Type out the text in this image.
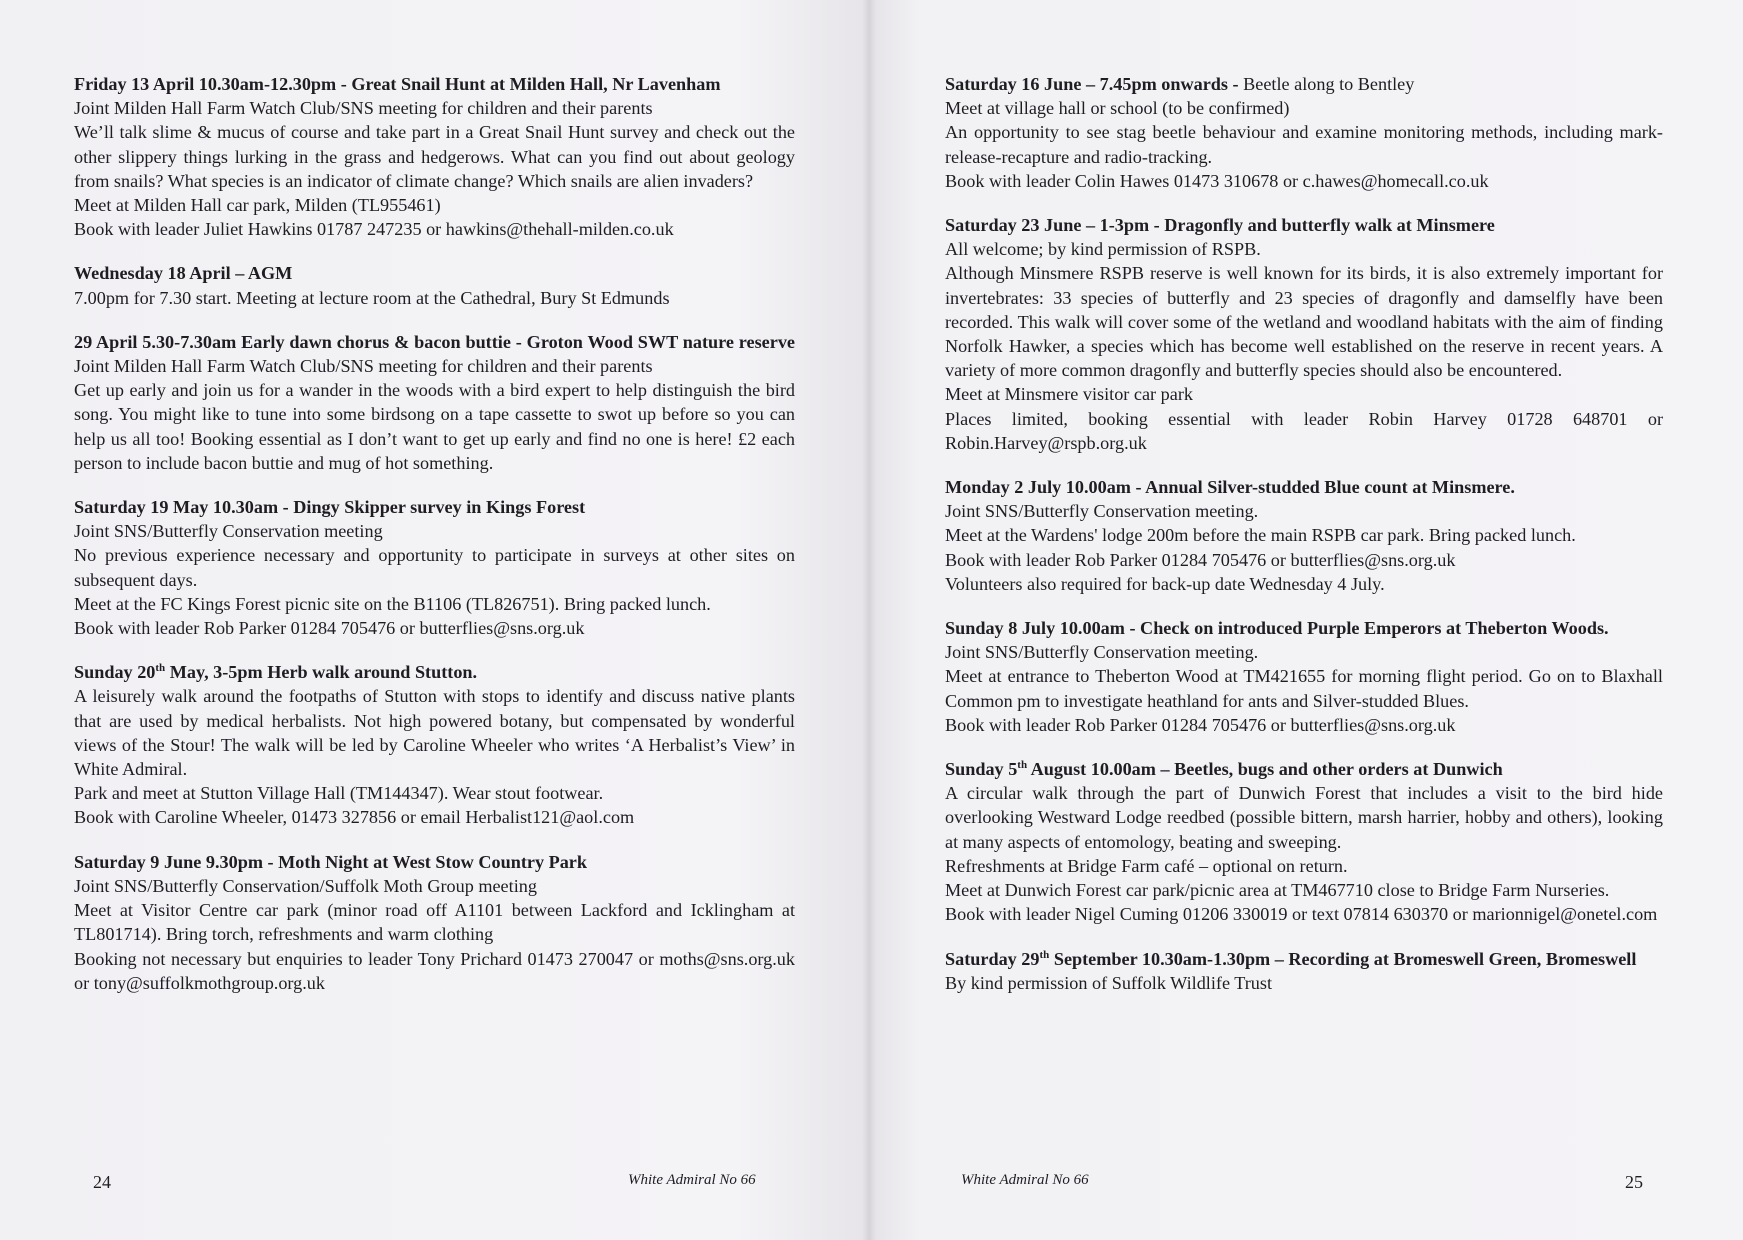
Friday 13 April 10.30am-12.30pm - Great Snail Hunt at Milden Hall, Nr Lavenham

Joint Milden Hall Farm Watch Club/SNS meeting for children and their parents

We’ll talk slime & mucus of course and take part in a Great Snail Hunt survey and check out the other slippery things lurking in the grass and hedgerows. What can you find out about geology from snails? What species is an indicator of climate change? Which snails are alien invaders?

Meet at Milden Hall car park, Milden (TL955461)

Book with leader Juliet Hawkins 01787 247235 or hawkins@thehall-milden.co.uk

Wednesday 18 April – AGM

7.00pm for 7.30 start. Meeting at lecture room at the Cathedral, Bury St Edmunds

29 April 5.30-7.30am Early dawn chorus & bacon buttie - Groton Wood SWT nature reserve Joint Milden Hall Farm Watch Club/SNS meeting for children and their parents

Get up early and join us for a wander in the woods with a bird expert to help distinguish the bird song. You might like to tune into some birdsong on a tape cassette to swot up before so you can help us all too! Booking essential as I don’t want to get up early and find no one is here! £2 each person to include bacon buttie and mug of hot something.

Saturday 19 May 10.30am - Dingy Skipper survey in Kings Forest

Joint SNS/Butterfly Conservation meeting

No previous experience necessary and opportunity to participate in surveys at other sites on subsequent days.

Meet at the FC Kings Forest picnic site on the B1106 (TL826751). Bring packed lunch.

Book with leader Rob Parker 01284 705476 or butterflies@sns.org.uk

Sunday 20th May, 3-5pm Herb walk around Stutton.

A leisurely walk around the footpaths of Stutton with stops to identify and discuss native plants that are used by medical herbalists. Not high powered botany, but compensated by wonderful views of the Stour! The walk will be led by Caroline Wheeler who writes ‘A Herbalist’s View’ in White Admiral.

Park and meet at Stutton Village Hall (TM144347). Wear stout footwear.

Book with Caroline Wheeler, 01473 327856 or email Herbalist121@aol.com

Saturday 9 June 9.30pm - Moth Night at West Stow Country Park

Joint SNS/Butterfly Conservation/Suffolk Moth Group meeting

Meet at Visitor Centre car park (minor road off A1101 between Lackford and Icklingham at TL801714). Bring torch, refreshments and warm clothing

Booking not necessary but enquiries to leader Tony Prichard 01473 270047 or moths@sns.org.uk or tony@suffolkmothgroup.org.uk

24	White Admiral No 66

Saturday 16 June – 7.45pm onwards - Beetle along to Bentley

Meet at village hall or school (to be confirmed)

An opportunity to see stag beetle behaviour and examine monitoring methods, including mark-release-recapture and radio-tracking.

Book with leader Colin Hawes 01473 310678 or c.hawes@homecall.co.uk

Saturday 23 June – 1-3pm - Dragonfly and butterfly walk at Minsmere

All welcome; by kind permission of RSPB.

Although Minsmere RSPB reserve is well known for its birds, it is also extremely important for invertebrates: 33 species of butterfly and 23 species of dragonfly and damselfly have been recorded. This walk will cover some of the wetland and woodland habitats with the aim of finding Norfolk Hawker, a species which has become well established on the reserve in recent years. A variety of more common dragonfly and butterfly species should also be encountered.

Meet at Minsmere visitor car park

Places limited, booking essential with leader Robin Harvey 01728 648701 or Robin.Harvey@rspb.org.uk

Monday 2 July 10.00am - Annual Silver-studded Blue count at Minsmere.

Joint SNS/Butterfly Conservation meeting.

Meet at the Wardens' lodge 200m before the main RSPB car park. Bring packed lunch.

Book with leader Rob Parker 01284 705476 or butterflies@sns.org.uk

Volunteers also required for back-up date Wednesday 4 July.

Sunday 8 July 10.00am - Check on introduced Purple Emperors at Theberton Woods.

Joint SNS/Butterfly Conservation meeting.

Meet at entrance to Theberton Wood at TM421655 for morning flight period. Go on to Blaxhall Common pm to investigate heathland for ants and Silver-studded Blues.

Book with leader Rob Parker 01284 705476 or butterflies@sns.org.uk

Sunday 5th August 10.00am – Beetles, bugs and other orders at Dunwich

A circular walk through the part of Dunwich Forest that includes a visit to the bird hide overlooking Westward Lodge reedbed (possible bittern, marsh harrier, hobby and others), looking at many aspects of entomology, beating and sweeping.

Refreshments at Bridge Farm café – optional on return.

Meet at Dunwich Forest car park/picnic area at TM467710 close to Bridge Farm Nurseries.

Book with leader Nigel Cuming 01206 330019 or text 07814 630370 or marionnigel@onetel.com

Saturday 29th September 10.30am-1.30pm – Recording at Bromeswell Green, Bromeswell

By kind permission of Suffolk Wildlife Trust

White Admiral No 66	25
